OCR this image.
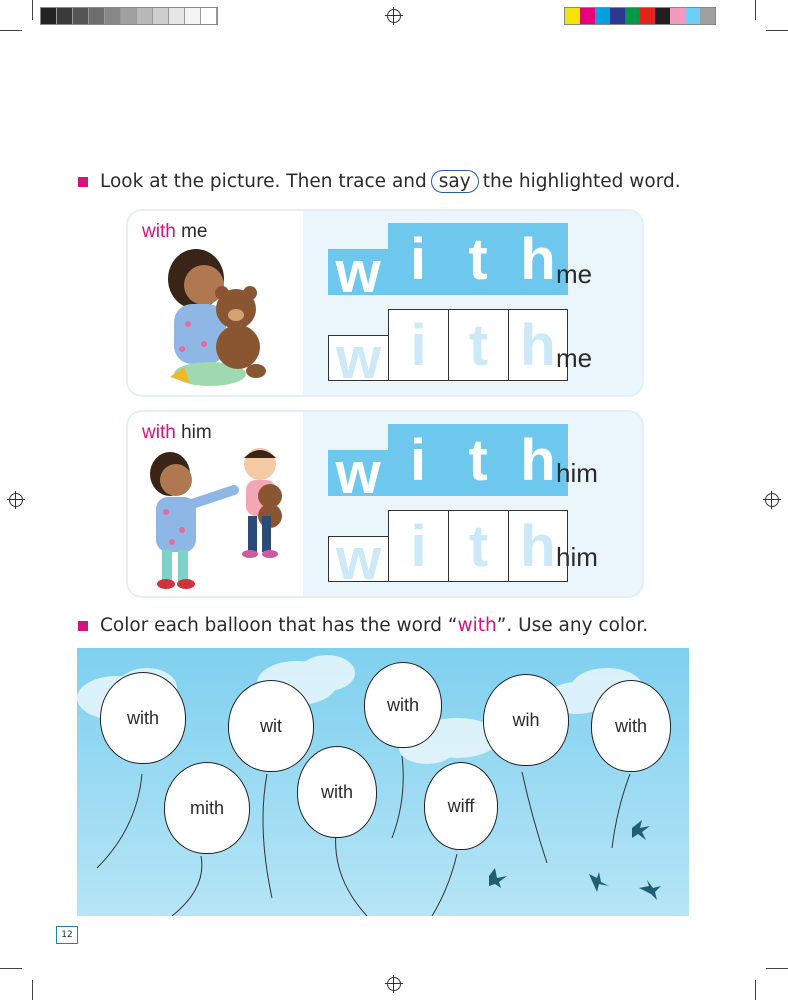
Look at the picture. Then trace and say the highlighted word.
with me
w i t h me
w i t h me
with him
w i t h him
w i t h him
Color each balloon that has the word “ with ”. Use any color.
with	wit
with
wih	with
mith
with
wiff
12
